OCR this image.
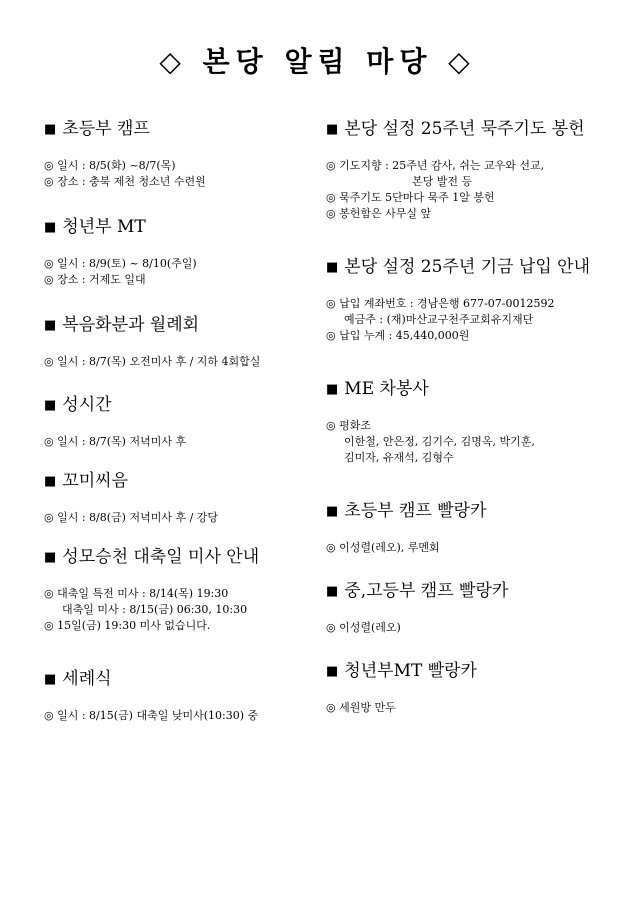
◇ 본당 알림 마당 ◇
■ 초등부 캠프
◎ 일시 : 8/5(화) ~8/7(목)
◎ 장소 : 충북 제천 청소년 수련원
■ 청년부 MT
◎ 일시 : 8/9(토) ~ 8/10(주일)
◎ 장소 : 거제도 일대
■ 복음화분과 월례회
◎ 일시 : 8/7(목) 오전미사 후 / 지하 4회합실
■ 성시간
◎ 일시 : 8/7(목) 저녁미사 후
■ 꼬미씨음
◎ 일시 : 8/8(금) 저녁미사 후 / 강당
■ 성모승천 대축일 미사 안내
◎ 대축일 특전 미사 : 8/14(목) 19:30
대축일 미사 : 8/15(금) 06:30, 10:30
◎ 15일(금) 19:30 미사 없습니다.
■ 세례식
◎ 일시 : 8/15(금) 대축일 낮미사(10:30) 중
■ 본당 설정 25주년 묵주기도 봉헌
◎ 기도지향 : 25주년 감사, 쉬는 교우와 선교,
본당 발전 등
◎ 묵주기도 5단마다 묵주 1알 봉헌
◎ 봉헌함은 사무실 앞
■ 본당 설정 25주년 기금 납입 안내
◎ 납입 계좌번호 : 경남은행 677-07-0012592
예금주 : (재)마산교구천주교회유지재단
◎ 납입 누계 : 45,440,000원
■ ME 차봉사
◎ 평화조
이한철, 안은정, 김기수, 김명옥, 박기훈,
김미자, 유재석, 김형수
■ 초등부 캠프 빨랑카
◎ 이성렬(레오), 루멘회
■ 중,고등부 캠프 빨랑카
◎ 이성렬(레오)
■ 청년부MT 빨랑카
◎ 세원방 만두
